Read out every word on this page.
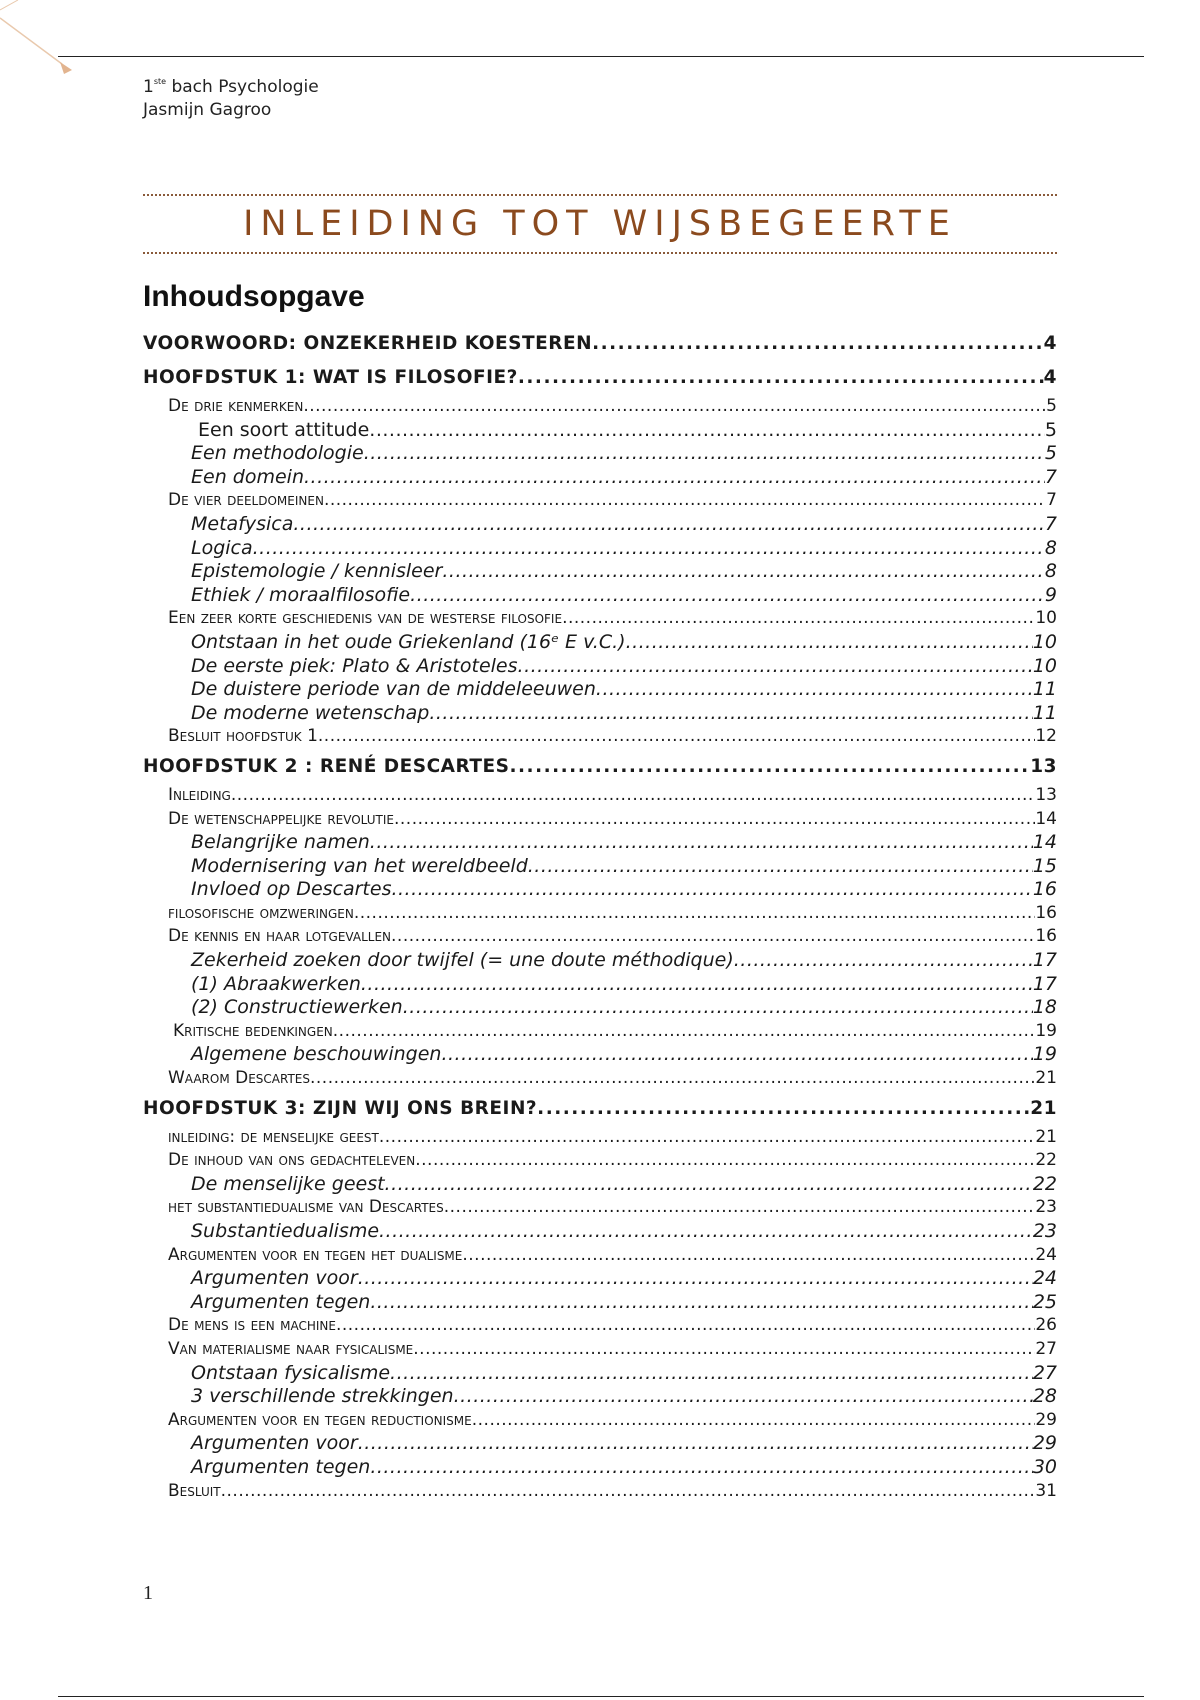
1ste bach Psychologie
Jasmijn Gagroo
INLEIDING TOT WIJSBEGEERTE
Inhoudsopgave
VOORWOORD: ONZEKERHEID KOESTEREN .....	4
HOOFDSTUK 1: WAT IS FILOSOFIE? .....	4
De drie kenmerken .....	5
Een soort attitude .....	5
Een methodologie .....	5
Een domein .....	7
De vier deeldomeinen .....	7
Metafysica .....	7
Logica .....	8
Epistemologie / kennisleer .....	8
Ethiek / moraalfilosofie .....	9
Een zeer korte geschiedenis van de westerse filosofie .....	10
Ontstaan in het oude Griekenland (16ᵉ E v.C.) .....	10
De eerste piek: Plato & Aristoteles .....	10
De duistere periode van de middeleeuwen .....	11
De moderne wetenschap .....	11
Besluit hoofdstuk 1 .....	12
HOOFDSTUK 2 : RENÉ DESCARTES .....	13
Inleiding .....	13
De wetenschappelijke revolutie .....	14
Belangrijke namen .....	14
Modernisering van het wereldbeeld .....	15
Invloed op Descartes .....	16
filosofische omzweringen .....	16
De kennis en haar lotgevallen .....	16
Zekerheid zoeken door twijfel (= une doute méthodique) .....	17
(1) Abraakwerken .....	17
(2) Constructiewerken .....	18
Kritische bedenkingen .....	19
Algemene beschouwingen .....	19
Waarom Descartes .....	21
HOOFDSTUK 3: ZIJN WIJ ONS BREIN? .....	21
inleiding: de menselijke geest .....	21
De inhoud van ons gedachteleven .....	22
De menselijke geest .....	22
het substantiedualisme van Descartes .....	23
Substantiedualisme .....	23
Argumenten voor en tegen het dualisme .....	24
Argumenten voor .....	24
Argumenten tegen .....	25
De mens is een machine .....	26
Van materialisme naar fysicalisme .....	27
Ontstaan fysicalisme .....	27
3 verschillende strekkingen .....	28
Argumenten voor en tegen reductionisme .....	29
Argumenten voor .....	29
Argumenten tegen .....	30
Besluit .....	31
1
